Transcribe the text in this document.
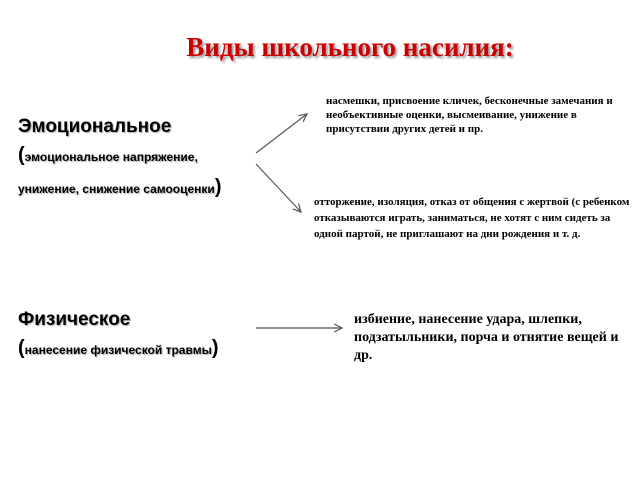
Виды школьного насилия:
Эмоциональное
(эмоциональное напряжение,
унижение, снижение самооценки)
насмешки, присвоение кличек, бесконечные замечания и необъективные оценки, высмеивание, унижение в присутствии других детей и пр.
отторжение, изоляция, отказ от общения с жертвой (с ребенком отказываются играть, заниматься, не хотят с ним сидеть за одной партой, не приглашают на дни рождения и т. д.
Физическое
(нанесение физической травмы)
избиение, нанесение удара, шлепки, подзатыльники, порча и отнятие вещей и др.
